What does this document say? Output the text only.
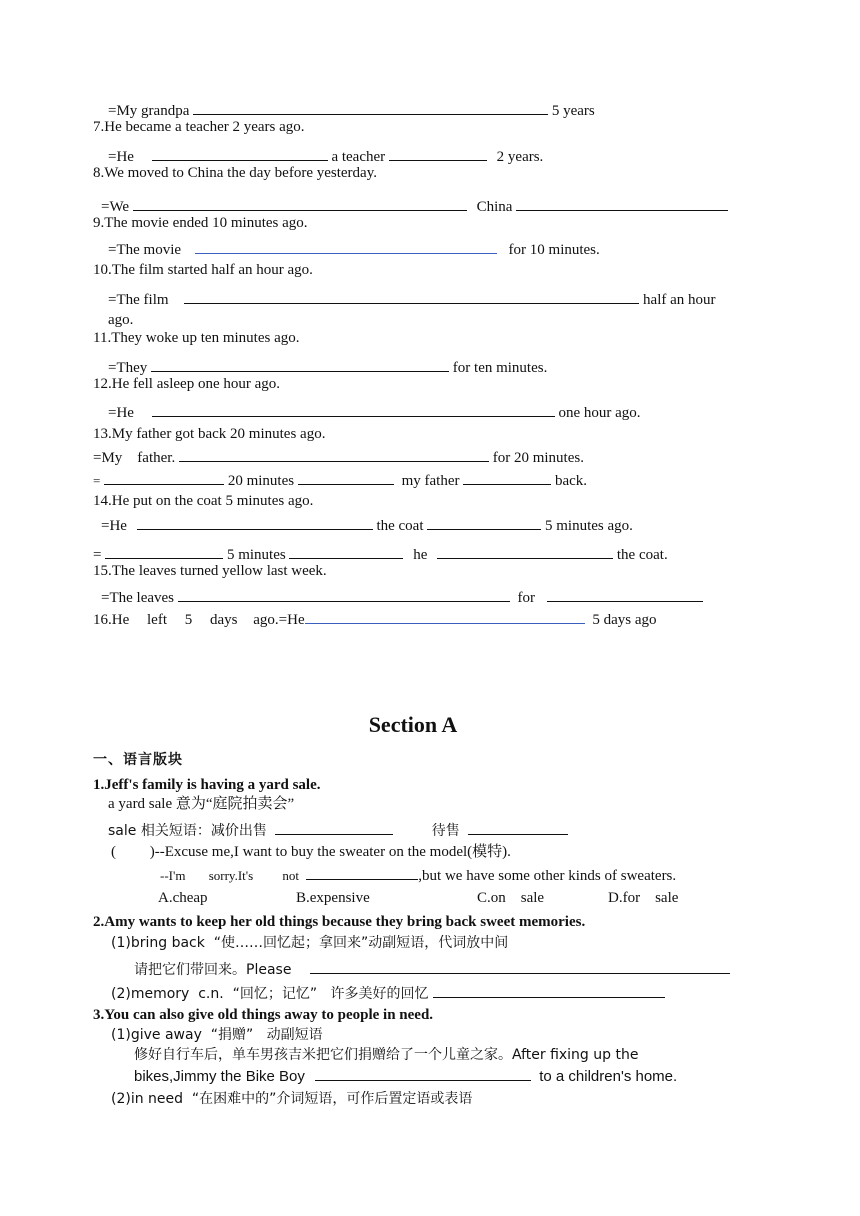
=My grandpa	5 years
7.He became a teacher 2 years ago.
=He	a teacher	2 years.
8.We moved to China the day before yesterday.
=We	China
9.The movie ended 10 minutes ago.
=The movie	for 10 minutes.
10.The film started half an hour ago.
=The film	half an hour
ago.
11.They woke up ten minutes ago.
=They	for ten minutes.
12.He fell asleep one hour ago.
=He	one hour ago.
13.My father got back 20 minutes ago.
=My    father.	for 20 minutes.
=	20 minutes	my father	back.
14.He put on the coat 5 minutes ago.
=He	the coat	5 minutes ago.
=	5 minutes	he	the coat.
15.The leaves turned yellow last week.
=The leaves	for
16.He left 5 days ago.=He	5 days ago
Section A
一、语言版块
1.Jeff's family is having a yard sale.
a yard sale 意为“庭院拍卖会”
sale 相关短语：减价出售	待售
(         )--Excuse me,I want to buy the sweater on the model(模特).
--I'm sorry.It's not	,but we have some other kinds of sweaters.
A.cheap	B.expensive	C.on    sale	D.for    sale
2.Amy wants to keep her old things because they bring back sweet memories.
(1)bring back  “使……回忆起；拿回来”动副短语，代词放中间
请把它们带回来。Please
(2)memory  c.n.  “回忆；记忆”   许多美好的回忆
3.You can also give old things away to people in need.
(1)give away  “捐赠”   动副短语
修好自行车后，单车男孩吉米把它们捐赠给了一个儿童之家。After fixing up the
bikes,Jimmy the Bike Boy	to a children's home.
(2)in need  “在困难中的”介词短语，可作后置定语或表语
